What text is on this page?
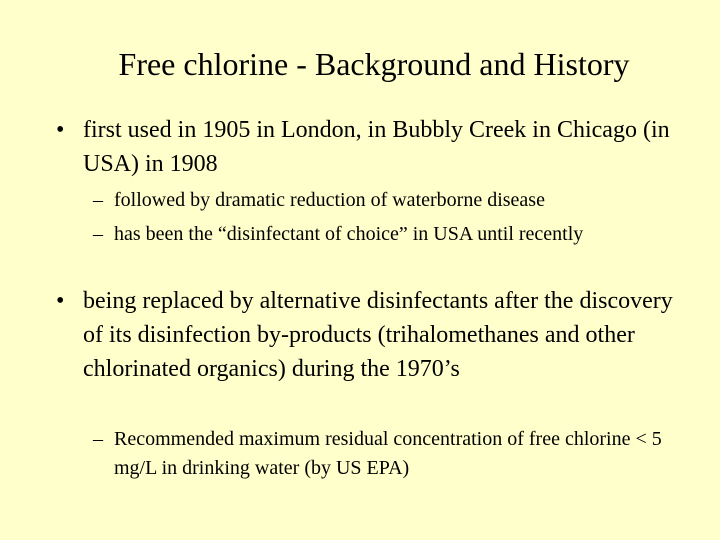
Free chlorine - Background and History
• first used in 1905 in London, in Bubbly Creek in Chicago (in USA) in 1908
– followed by dramatic reduction of waterborne disease
– has been the “disinfectant of choice” in USA until recently
• being replaced by alternative disinfectants after the discovery of its disinfection by-products (trihalomethanes and other chlorinated organics) during the 1970’s
– Recommended maximum residual concentration of free chlorine < 5 mg/L in drinking water (by US EPA)
